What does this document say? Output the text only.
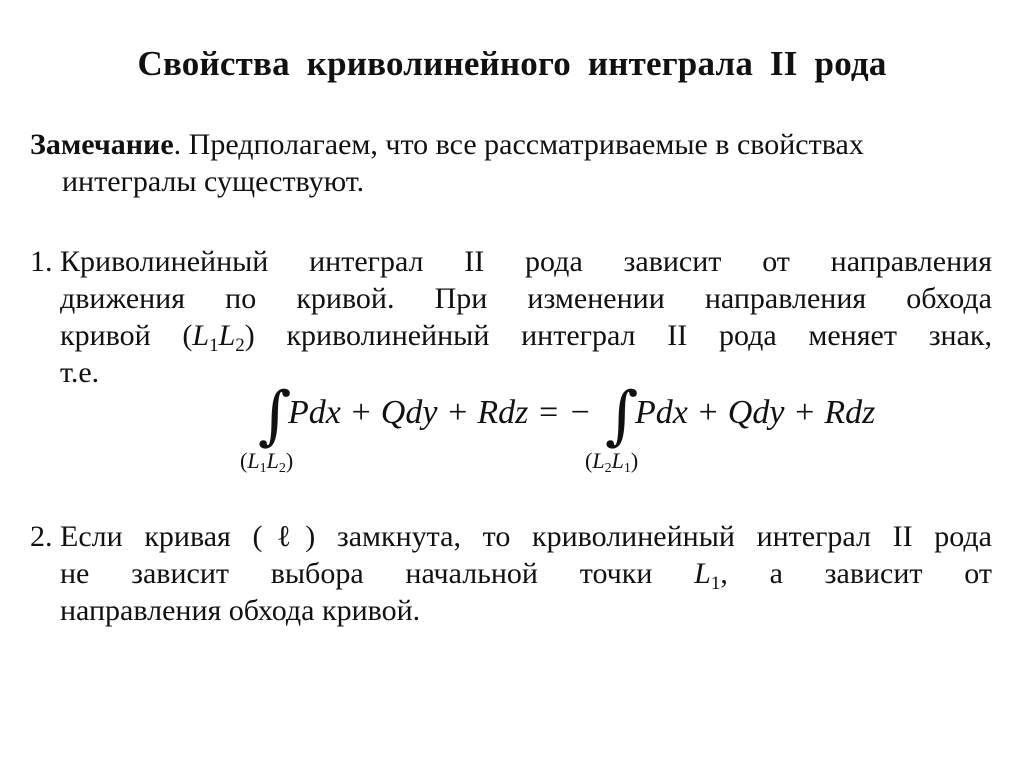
Свойства криволинейного интеграла II рода
Замечание. Предполагаем, что все рассматриваемые в свойствах
интегралы существуют.
1. Криволинейный интеграл II рода зависит от направления
движения по кривой. При изменении направления обхода
кривой $(L_1L_2)$ криволинейный интеграл II рода меняет знак,
т.е.
∫
Pdx + Qdy + Rdz = − ∫
Pdx + Qdy + Rdz
$(L_1L_2)$	$(L_2L_1)$
2. Если кривая (ℓ) замкнута, то криволинейный интеграл II рода
не зависит выбора начальной точки $L_1$, а зависит от
направления обхода кривой.
